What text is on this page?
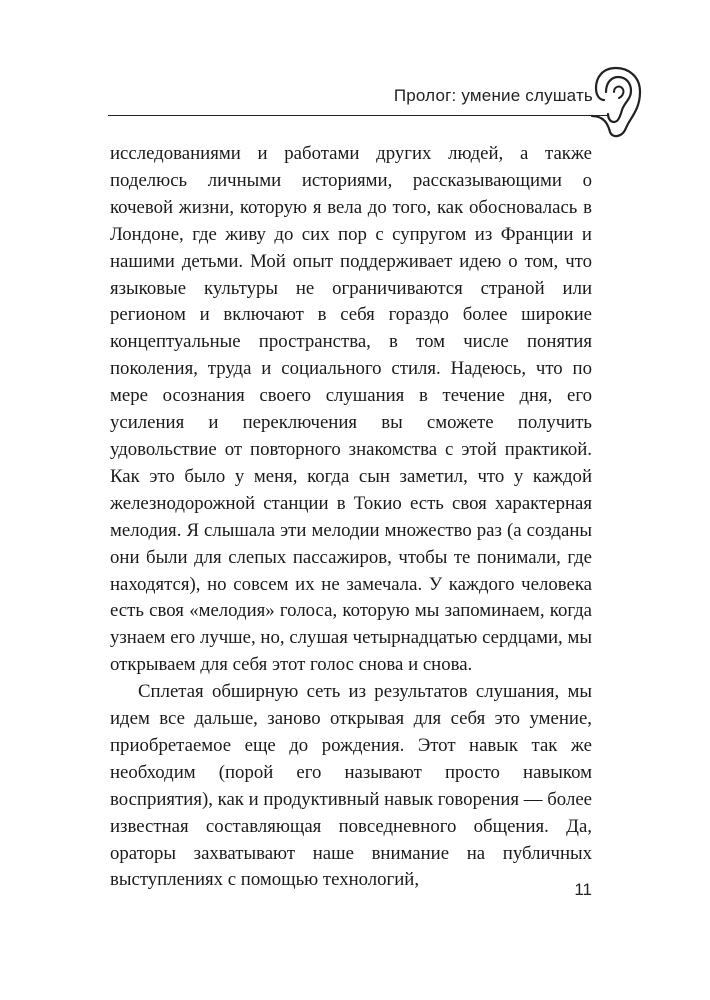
Пролог: умение слушать

исследованиями и работами других людей, а также поделюсь личными историями, рассказывающими о кочевой жизни, которую я вела до того, как обосновалась в Лондоне, где живу до сих пор с супругом из Франции и нашими детьми. Мой опыт поддерживает идею о том, что языковые культуры не ограничиваются страной или регионом и включают в себя гораздо более широкие концептуальные пространства, в том числе понятия поколения, труда и социального стиля. Надеюсь, что по мере осознания своего слушания в течение дня, его усиления и переключения вы сможете получить удовольствие от повторного знакомства с этой практикой. Как это было у меня, когда сын заметил, что у каждой железнодорожной станции в Токио есть своя характерная мелодия. Я слышала эти мелодии множество раз (а созданы они были для слепых пассажиров, чтобы те понимали, где находятся), но совсем их не замечала. У каждого человека есть своя «мелодия» голоса, которую мы запоминаем, когда узнаем его лучше, но, слушая четырнадцатью сердцами, мы открываем для себя этот голос снова и снова.

Сплетая обширную сеть из результатов слушания, мы идем все дальше, заново открывая для себя это умение, приобретаемое еще до рождения. Этот навык так же необходим (порой его называют просто навыком восприятия), как и продуктивный навык говорения — более известная составляющая повседневного общения. Да, ораторы захватывают наше внимание на публичных выступлениях с помощью технологий,	11
